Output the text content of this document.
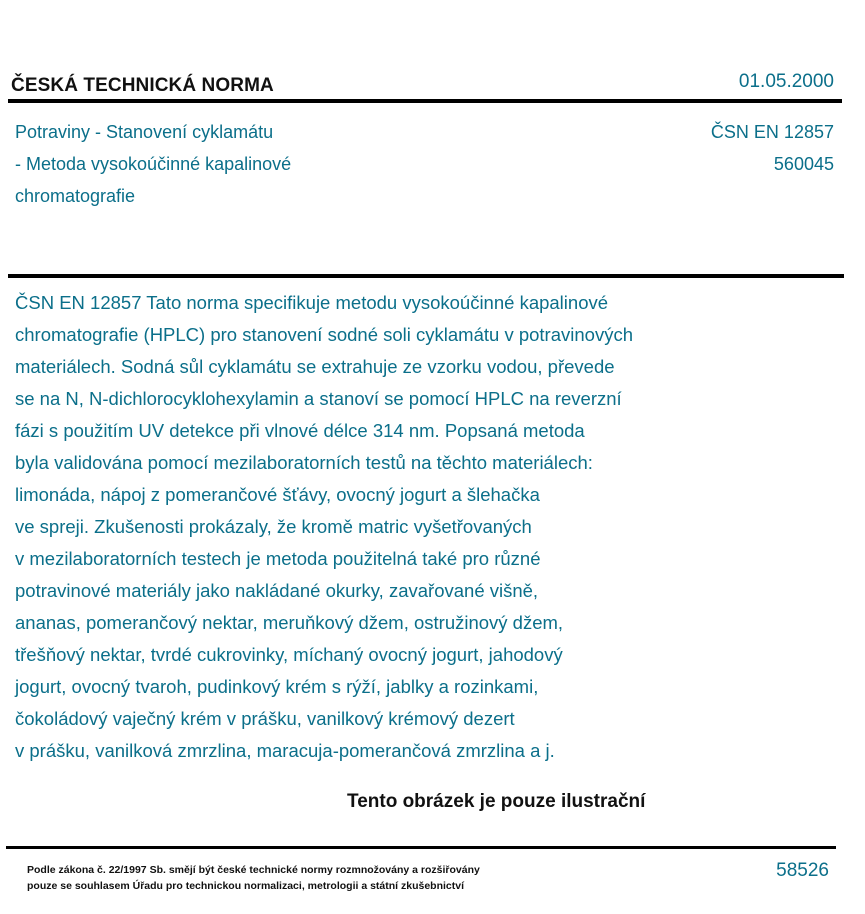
ČESKÁ TECHNICKÁ NORMA	01.05.2000
Potraviny - Stanovení cyklamátu
- Metoda vysokoúčinné kapalinové
chromatografie
ČSN EN 12857
560045
ČSN EN 12857 Tato norma specifikuje metodu vysokoúčinné kapalinové
chromatografie (HPLC) pro stanovení sodné soli cyklamátu v potravinových
materiálech. Sodná sůl cyklamátu se extrahuje ze vzorku vodou, převede
se na N, N-dichlorocyklohexylamin a stanoví se pomocí HPLC na reverzní
fázi s použitím UV detekce při vlnové délce 314 nm. Popsaná metoda
byla validována pomocí mezilaboratorních testů na těchto materiálech:
limonáda, nápoj z pomerančové šťávy, ovocný jogurt a šlehačka
ve spreji. Zkušenosti prokázaly, že kromě matric vyšetřovaných
v mezilaboratorních testech je metoda použitelná také pro různé
potravinové materiály jako nakládané okurky, zavařované višně,
ananas, pomerančový nektar, meruňkový džem, ostružinový džem,
třešňový nektar, tvrdé cukrovinky, míchaný ovocný jogurt, jahodový
jogurt, ovocný tvaroh, pudinkový krém s rýží, jablky a rozinkami,
čokoládový vaječný krém v prášku, vanilkový krémový dezert
v prášku, vanilková zmrzlina, maracuja-pomerančová zmrzlina a j.
Tento obrázek je pouze ilustrační
Podle zákona č. 22/1997 Sb. smějí být české technické normy rozmnožovány a rozšiřovány
pouze se souhlasem Úřadu pro technickou normalizaci, metrologii a státní zkušebnictví
58526
